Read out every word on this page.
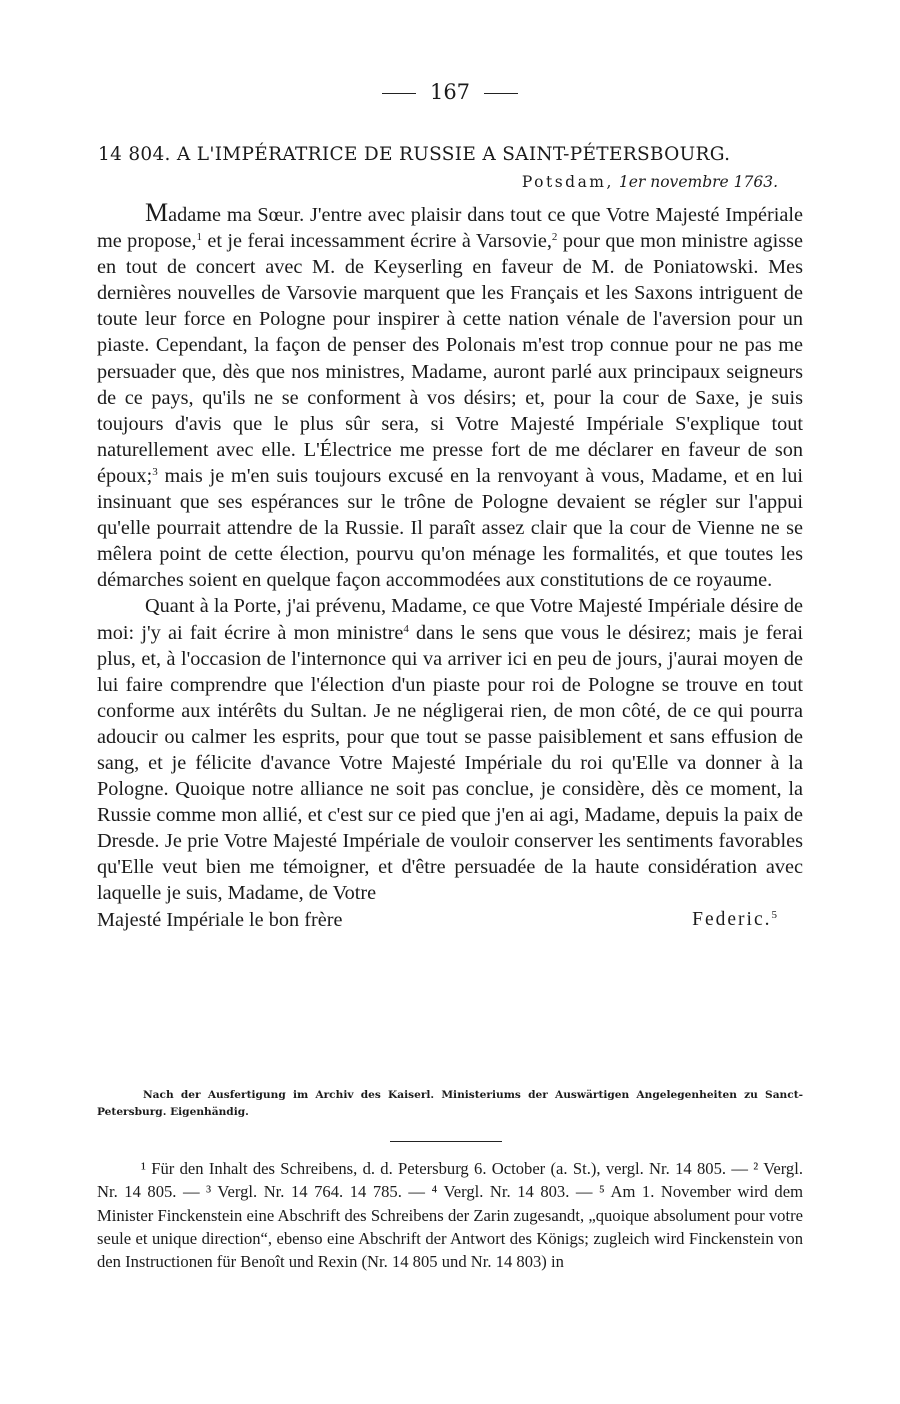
167
14 804. A L'IMPÉRATRICE DE RUSSIE A SAINT-PÉTERSBOURG.
Potsdam, 1er novembre 1763.

Madame ma Sœur. J'entre avec plaisir dans tout ce que Votre Majesté Impériale me propose,$^1$ et je ferai incessamment écrire à Varsovie,$^2$ pour que mon ministre agisse en tout de concert avec M. de Keyserling en faveur de M. de Poniatowski. Mes dernières nouvelles de Varsovie marquent que les Français et les Saxons intriguent de toute leur force en Pologne pour inspirer à cette nation vénale de l'aversion pour un piaste. Cependant, la façon de penser des Polonais m'est trop connue pour ne pas me persuader que, dès que nos ministres, Madame, auront parlé aux principaux seigneurs de ce pays, qu'ils ne se conforment à vos désirs; et, pour la cour de Saxe, je suis toujours d'avis que le plus sûr sera, si Votre Majesté Impériale S'explique tout naturellement avec elle. L'Électrice me presse fort de me déclarer en faveur de son époux;$^3$ mais je m'en suis toujours excusé en la renvoyant à vous, Madame, et en lui insinuant que ses espérances sur le trône de Pologne devaient se régler sur l'appui qu'elle pourrait attendre de la Russie. Il paraît assez clair que la cour de Vienne ne se mêlera point de cette élection, pourvu qu'on ménage les formalités, et que toutes les démarches soient en quelque façon accommodées aux constitutions de ce royaume.

Quant à la Porte, j'ai prévenu, Madame, ce que Votre Majesté Impériale désire de moi: j'y ai fait écrire à mon ministre$^4$ dans le sens que vous le désirez; mais je ferai plus, et, à l'occasion de l'internonce qui va arriver ici en peu de jours, j'aurai moyen de lui faire comprendre que l'élection d'un piaste pour roi de Pologne se trouve en tout conforme aux intérêts du Sultan. Je ne négligerai rien, de mon côté, de ce qui pourra adoucir ou calmer les esprits, pour que tout se passe paisiblement et sans effusion de sang, et je félicite d'avance Votre Majesté Impériale du roi qu'Elle va donner à la Pologne. Quoique notre alliance ne soit pas conclue, je considère, dès ce moment, la Russie comme mon allié, et c'est sur ce pied que j'en ai agi, Madame, depuis la paix de Dresde. Je prie Votre Majesté Impériale de vouloir conserver les sentiments favorables qu'Elle veut bien me témoigner, et d'être persuadée de la haute considération avec laquelle je suis, Madame, de Votre

Majesté Impériale le bon frère	Federic.$^5$
Nach der Ausfertigung im Archiv des Kaiserl. Ministeriums der Auswärtigen Angelegenheiten zu Sanct-Petersburg. Eigenhändig.

¹ Für den Inhalt des Schreibens, d. d. Petersburg 6. October (a. St.), vergl. Nr. 14 805. — ² Vergl. Nr. 14 805. — ³ Vergl. Nr. 14 764. 14 785. — ⁴ Vergl. Nr. 14 803. — ⁵ Am 1. November wird dem Minister Finckenstein eine Abschrift des Schreibens der Zarin zugesandt, „quoique absolument pour votre seule et unique direction“, ebenso eine Abschrift der Antwort des Königs; zugleich wird Finckenstein von den Instructionen für Benoît und Rexin (Nr. 14 805 und Nr. 14 803) in
